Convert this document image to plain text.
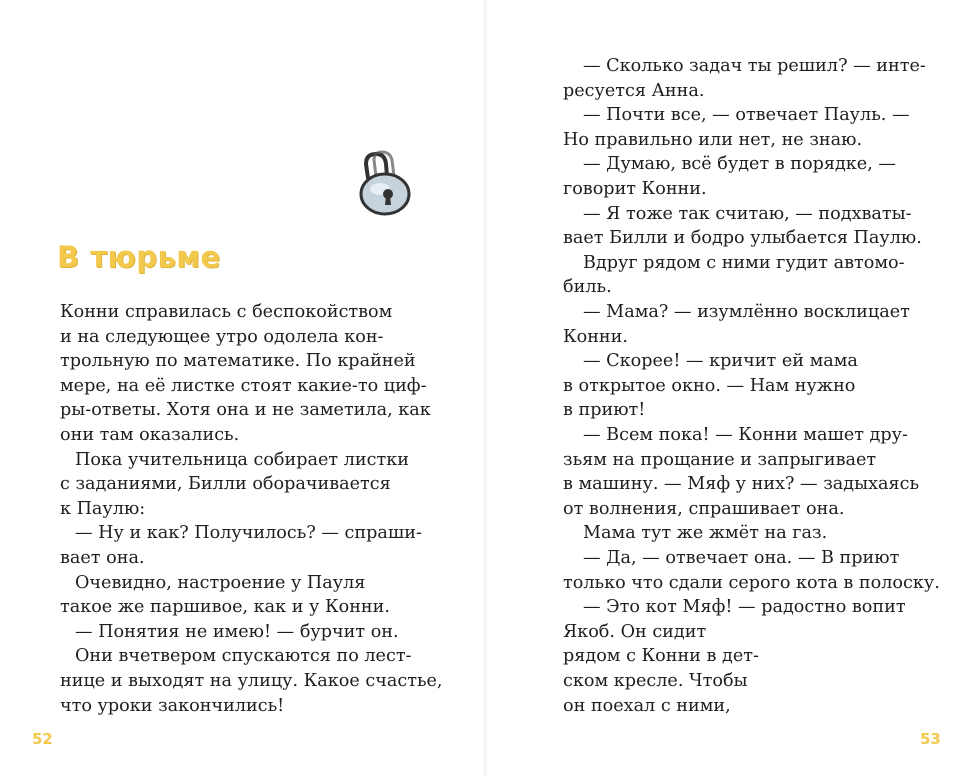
В тюрьме
Конни справилась с беспокойством
и на следующее утро одолела кон-
трольную по математике. По крайней
мере, на её листке стоят какие-то циф-
ры-ответы. Хотя она и не заметила, как
они там оказались.
Пока учительница собирает листки
с заданиями, Билли оборачивается
к Паулю:
— Ну и как? Получилось? — спраши-
вает она.
Очевидно, настроение у Пауля
такое же паршивое, как и у Конни.
— Понятия не имею! — бурчит он.
Они вчетвером спускаются по лест-
нице и выходят на улицу. Какое счастье,
что уроки закончились!
52
— Сколько задач ты решил? — инте-
ресуется Анна.
— Почти все, — отвечает Пауль. —
Но правильно или нет, не знаю.
— Думаю, всё будет в порядке, —
говорит Конни.
— Я тоже так считаю, — подхваты-
вает Билли и бодро улыбается Паулю.
Вдруг рядом с ними гудит автомо-
биль.
— Мама? — изумлённо восклицает
Конни.
— Скорее! — кричит ей мама
в открытое окно. — Нам нужно
в приют!
— Всем пока! — Конни машет дру-
зьям на прощание и запрыгивает
в машину. — Мяф у них? — задыхаясь
от волнения, спрашивает она.
Мама тут же жмёт на газ.
— Да, — отвечает она. — В приют
только что сдали серого кота в полоску.
— Это кот Мяф! — радостно вопит
Якоб. Он сидит
рядом с Конни в дет-
ском кресле. Чтобы
он поехал с ними,
53
